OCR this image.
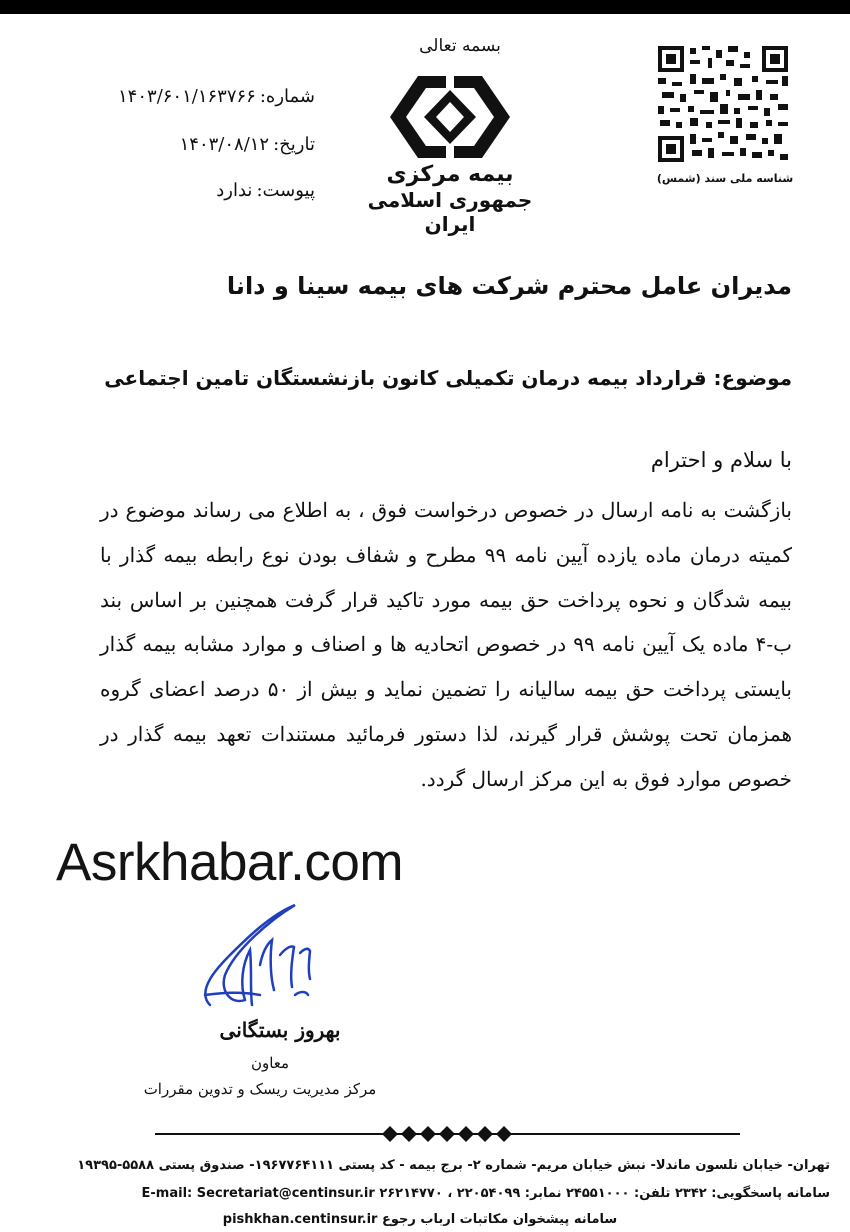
شماره:۱۴۰۳/۶۰۱/۱۶۳۷۶۶
تاریخ:۱۴۰۳/۰۸/۱۲
پیوست:ندارد
بسمه تعالی
بیمه مرکزی
جمهوری اسلامی ایران
شناسه ملی سند (شمس)
مدیران عامل محترم شرکت های بیمه سینا و دانا
موضوع: قرارداد بیمه درمان تکمیلی کانون بازنشستگان تامین اجتماعی
با سلام و احترام
بازگشت به نامه ارسال در خصوص درخواست فوق ، به اطلاع می رساند موضوع در کمیته درمان ماده یازده آیین نامه ۹۹ مطرح و شفاف بودن نوع رابطه بیمه گذار با بیمه شدگان و نحوه پرداخت حق بیمه مورد تاکید قرار گرفت همچنین بر اساس بند ب-۴ ماده یک آیین نامه ۹۹ در خصوص اتحادیه ها و اصناف و موارد مشابه بیمه گذار بایستی پرداخت حق بیمه سالیانه را تضمین نماید و بیش از ۵۰ درصد اعضای گروه همزمان تحت پوشش قرار گیرند، لذا دستور فرمائید مستندات تعهد بیمه گذار در خصوص موارد فوق به این مرکز ارسال گردد.
Asrkhabar.com
بهروز بستگانی
معاون
مرکز مدیریت ریسک و تدوین مقررات
تهران- خیابان نلسون ماندلا- نبش خیابان مریم- شماره ۲- برج بیمه - کد پستی ۱۹۶۷۷۶۴۱۱۱- صندوق پستی ۵۵۸۸-۱۹۳۹۵
سامانه پاسخگویی: ۲۳۴۲ تلفن: ۲۴۵۵۱۰۰۰ نمابر: ۲۲۰۵۴۰۹۹ ، ۲۶۲۱۴۷۷۰ E-mail: Secretariat@centinsur.ir
سامانه پیشخوان مکاتبات ارباب رجوع pishkhan.centinsur.ir
